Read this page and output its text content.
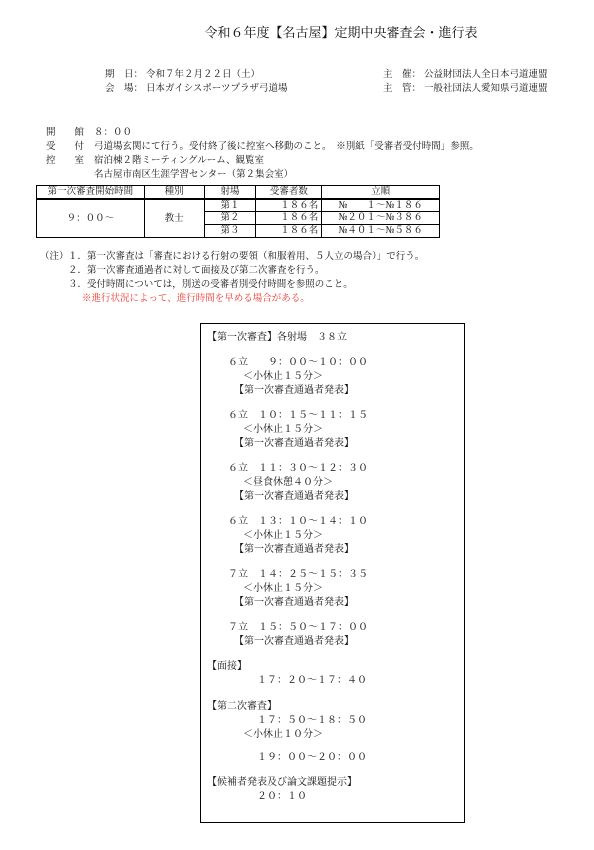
令和６年度【名古屋】定期中央審査会・進行表
期　日： 令和７年２月２２日（土）
会　場： 日本ガイシスポーツプラザ弓道場
主　催： 公益財団法人全日本弓道連盟
主　管： 一般社団法人愛知県弓道連盟
開　　館 ８：００
受　　付 弓道場玄関にて行う。受付終了後に控室へ移動のこと。　※別紙「受審者受付時間」参照。
控　　室 宿泊棟２階ミーティングルーム、観覧室
名古屋市南区生涯学習センター（第２集会室）
第一次審査開始時間	種別	射場	受審者数	立順
９：００～	教士	第１	１８６名	№　　１～№１８６
		第２	１８６名	№２０１～№３８６
		第３	１８６名	№４０１～№５８６
（注） １．第一次審査は「審査における行射の要領（和服着用、５人立の場合）」で行う。
２．第一次審査通過者に対して面接及び第二次審査を行う。
３．受付時間については，別送の受審者別受付時間を参照のこと。
※進行状況によって、進行時間を早める場合がある。
【第一次審査】各射場　３８立
６立　　９：００～１０：００
＜小休止１５分＞
【第一次審査通過者発表】
６立　１０：１５～１１：１５
＜小休止１５分＞
【第一次審査通過者発表】
６立　１１：３０～１２：３０
＜昼食休憩４０分＞
【第一次審査通過者発表】
６立　１３：１０～１４：１０
＜小休止１５分＞
【第一次審査通過者発表】
７立　１４：２５～１５：３５
＜小休止１５分＞
【第一次審査通過者発表】
７立　１５：５０～１７：００
【第一次審査通過者発表】
【面接】
１７：２０～１７：４０
【第二次審査】
１７：５０～１８：５０
＜小休止１０分＞
１９：００～２０：００
【候補者発表及び論文課題提示】
２０：１０
